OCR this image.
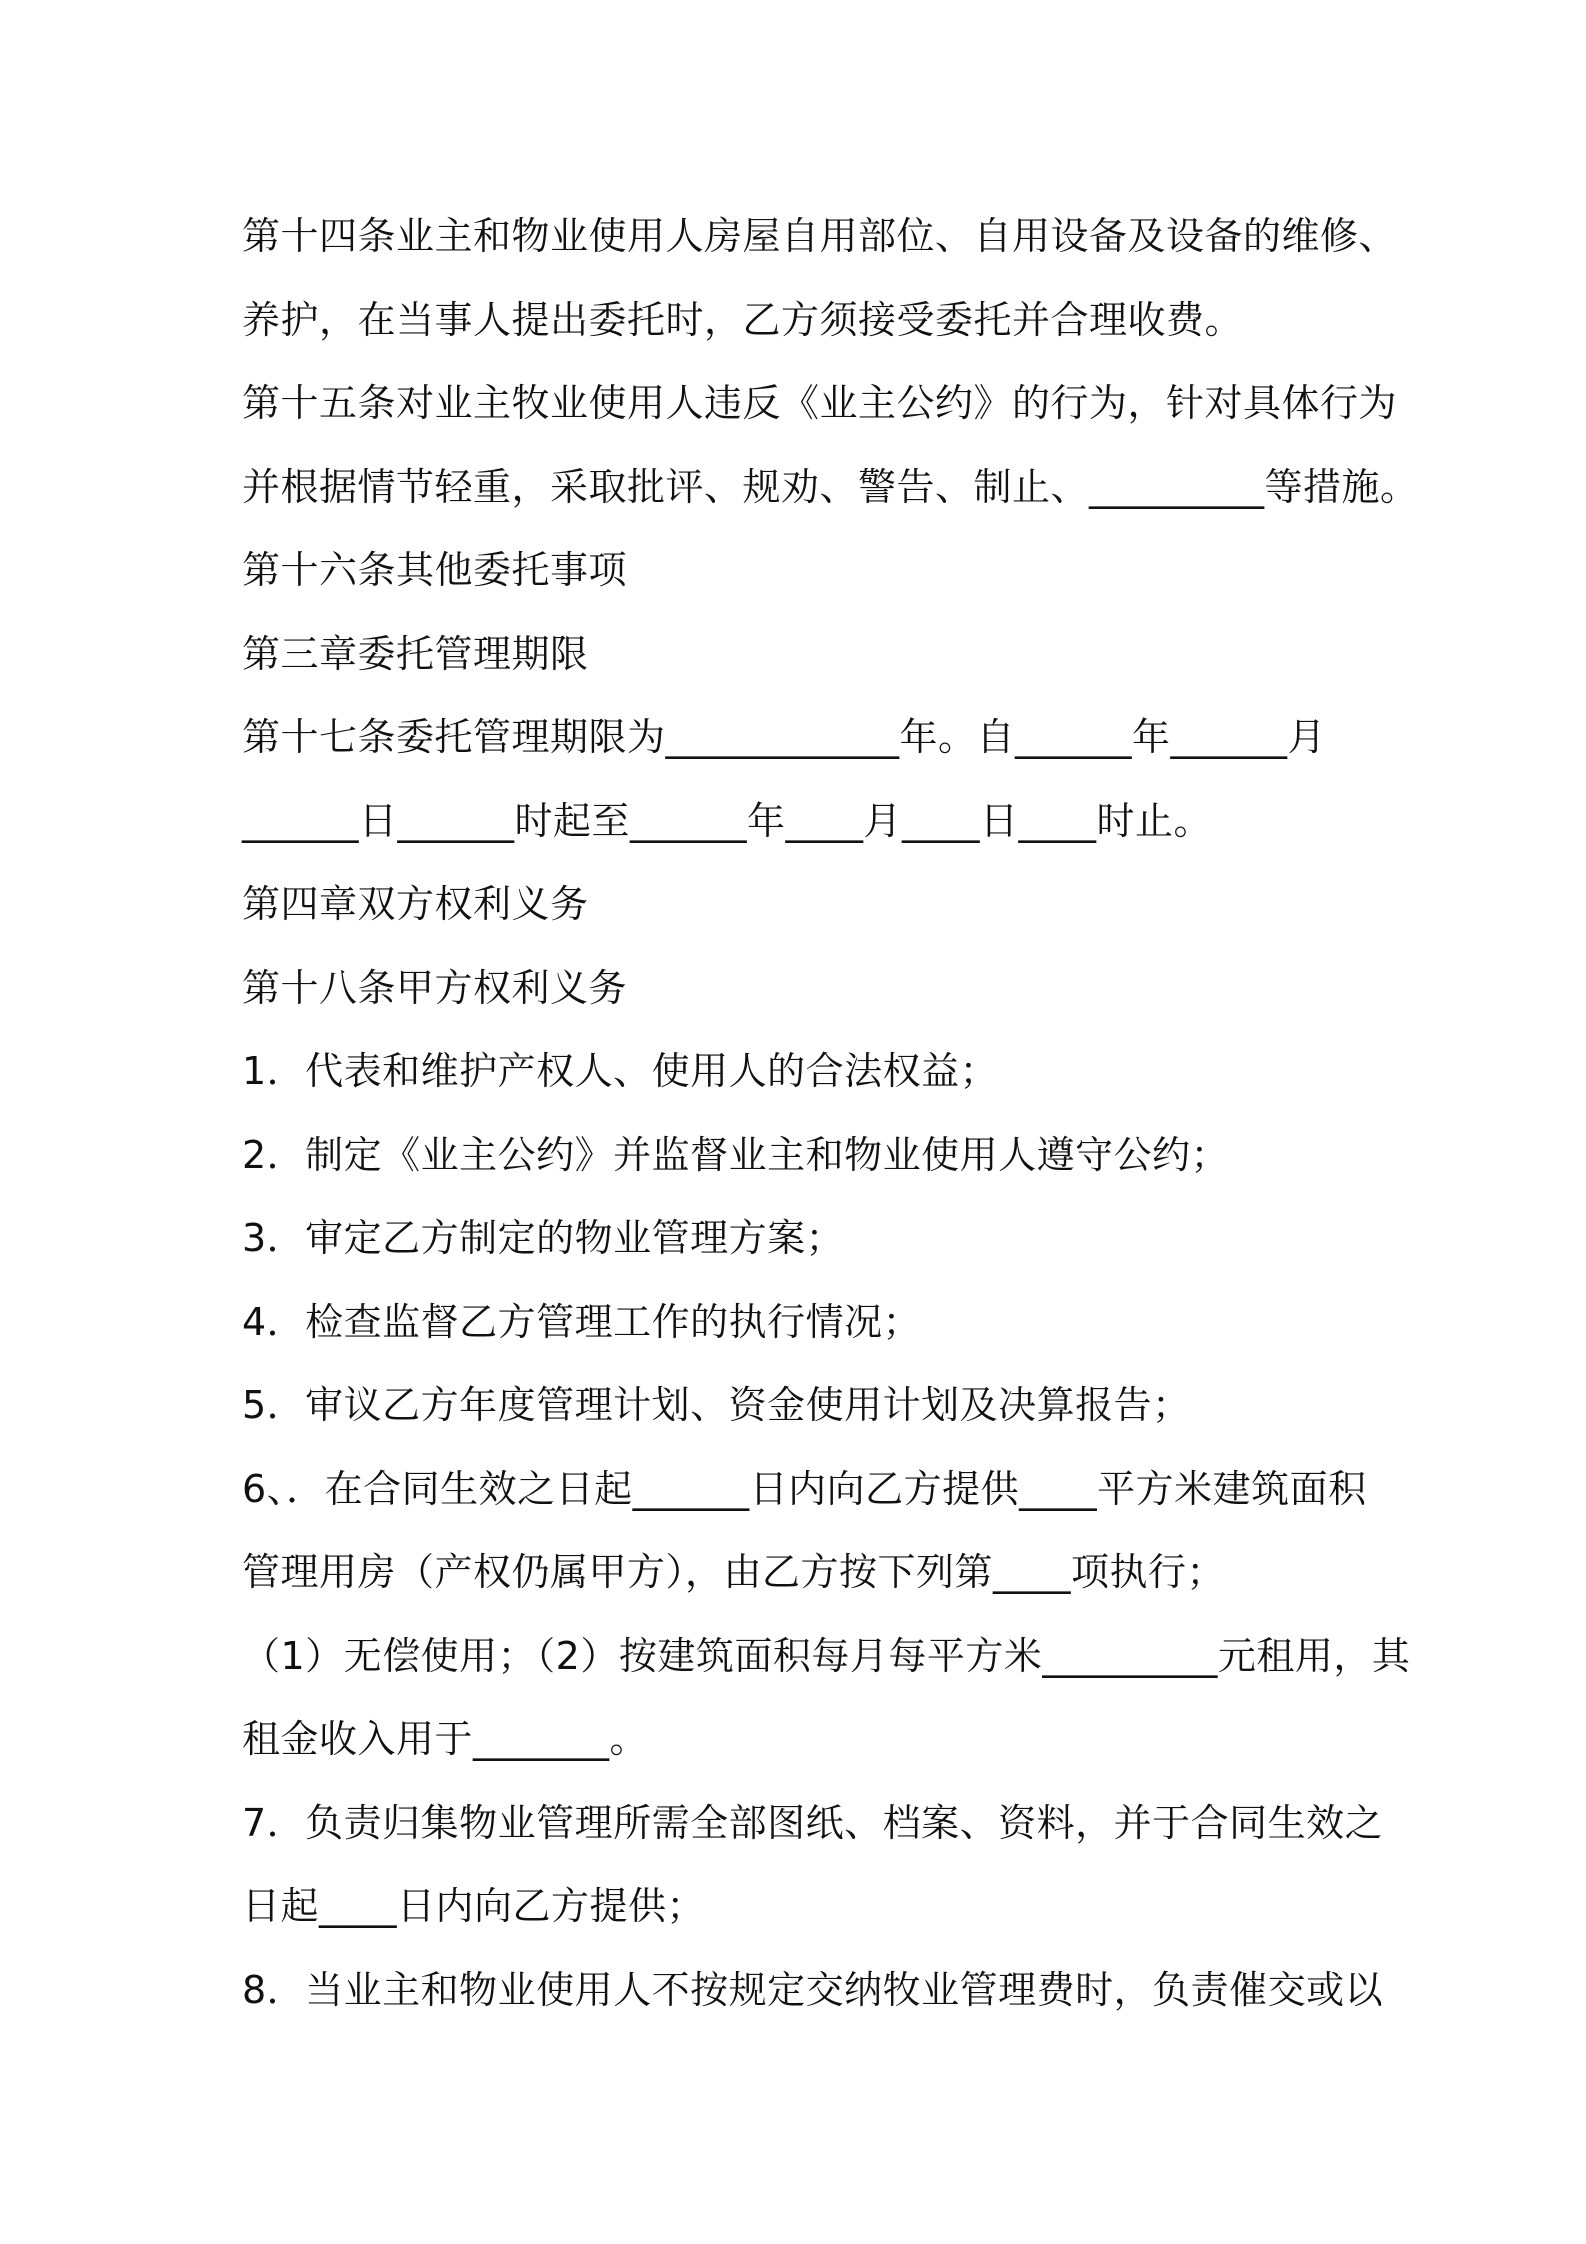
第十四条业主和物业使用人房屋自用部位、自用设备及设备的维修、
养护，在当事人提出委托时，乙方须接受委托并合理收费。
第十五条对业主牧业使用人违反《业主公约》的行为，针对具体行为
并根据情节轻重，采取批评、规劝、警告、制止、_________等措施。
第十六条其他委托事项
第三章委托管理期限
第十七条委托管理期限为____________年。自______年______月
______日______时起至______年____月____日____时止。
第四章双方权利义务
第十八条甲方权利义务
1．代表和维护产权人、使用人的合法权益；
2．制定《业主公约》并监督业主和物业使用人遵守公约；
3．审定乙方制定的物业管理方案；
4．检查监督乙方管理工作的执行情况；
5．审议乙方年度管理计划、资金使用计划及决算报告；
6、．在合同生效之日起______日内向乙方提供____平方米建筑面积
管理用房（产权仍属甲方），由乙方按下列第____项执行；
（1）无偿使用；（2）按建筑面积每月每平方米_________元租用，其
租金收入用于_______。
7．负责归集物业管理所需全部图纸、档案、资料，并于合同生效之
日起____日内向乙方提供；
8．当业主和物业使用人不按规定交纳牧业管理费时，负责催交或以
